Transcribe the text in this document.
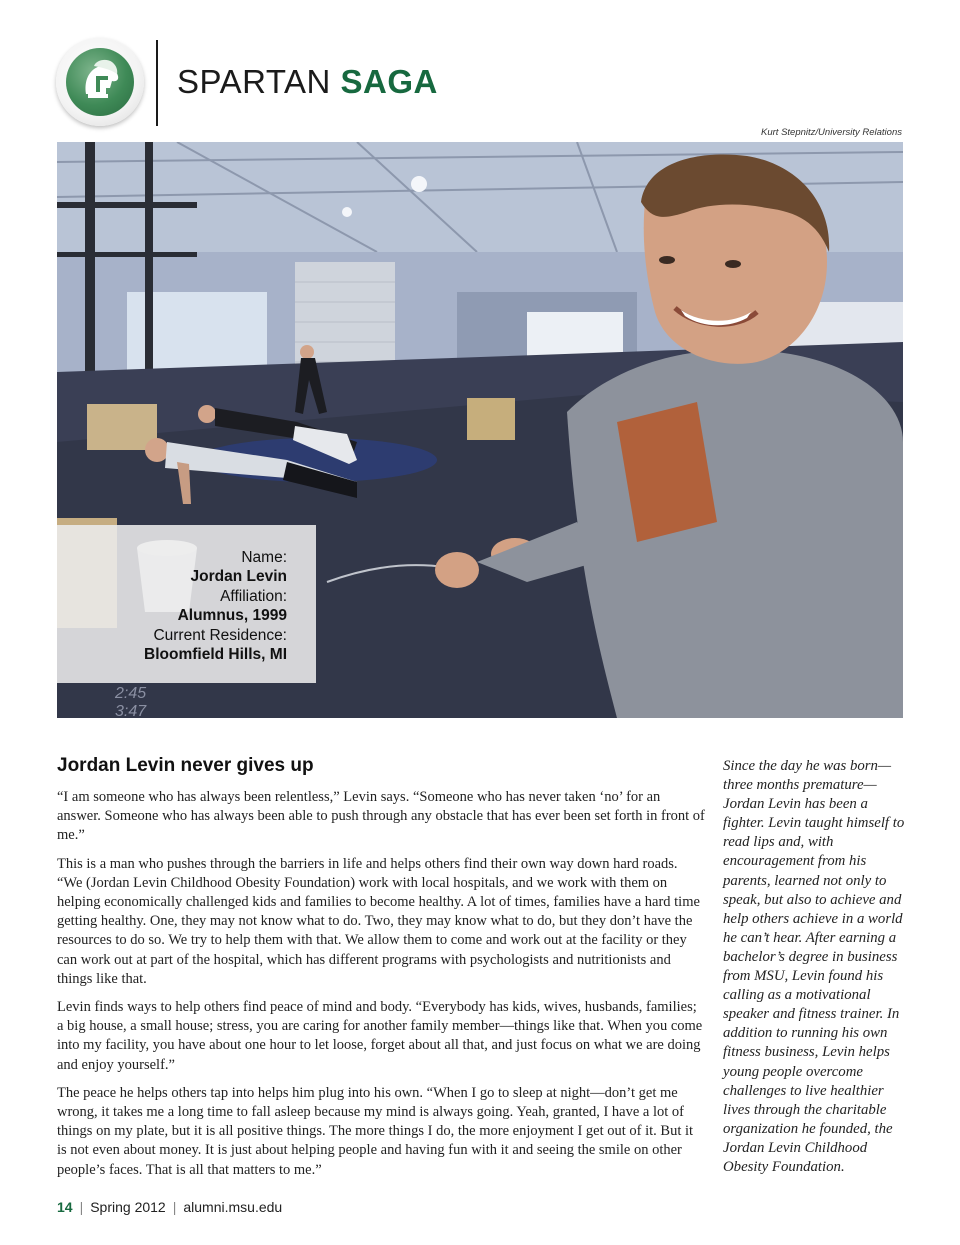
SPARTAN SAGA
Kurt Stepnitz/University Relations
2:45
3:47
Name:
Jordan Levin
Affiliation:
Alumnus, 1999
Current Residence:
Bloomfield Hills, MI
Jordan Levin never gives up

“I am someone who has always been relentless,” Levin says. “Someone who has never taken ‘no’ for an answer. Someone who has always been able to push through any obstacle that has ever been set forth in front of me.”

This is a man who pushes through the barriers in life and helps others find their own way down hard roads. “We (Jordan Levin Childhood Obesity Foundation) work with local hospitals, and we work with them on helping economically challenged kids and families to become healthy. A lot of times, families have a hard time getting healthy. One, they may not know what to do. Two, they may know what to do, but they don’t have the resources to do so. We try to help them with that. We allow them to come and work out at the facility or they can work out at part of the hospital, which has different programs with psychologists and nutritionists and things like that.

Levin finds ways to help others find peace of mind and body. “Everybody has kids, wives, husbands, families; a big house, a small house; stress, you are caring for another family member—things like that. When you come into my facility, you have about one hour to let loose, forget about all that, and just focus on what we are doing and enjoy yourself.”

The peace he helps others tap into helps him plug into his own. “When I go to sleep at night—don’t get me wrong, it takes me a long time to fall asleep because my mind is always going. Yeah, granted, I have a lot of things on my plate, but it is all positive things. The more things I do, the more enjoyment I get out of it. But it is not even about money. It is just about helping people and having fun with it and seeing the smile on other people’s faces. That is all that matters to me.”

Since the day he was born—three months premature—Jordan Levin has been a fighter. Levin taught himself to read lips and, with encouragement from his parents, learned not only to speak, but also to achieve and help others achieve in a world he can’t hear. After earning a bachelor’s degree in business from MSU, Levin found his calling as a motivational speaker and fitness trainer. In addition to running his own fitness business, Levin helps young people overcome challenges to live healthier lives through the charitable organization he founded, the Jordan Levin Childhood Obesity Foundation.
14 | Spring 2012 | alumni.msu.edu
